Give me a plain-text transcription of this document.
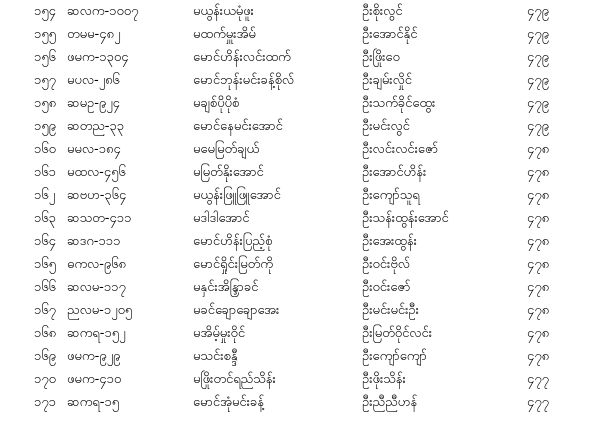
၁၅၄ ဆလက-၁၀၀၇	မယွန်းယမုံဖူး	ဦးစိုးလွင်	၄၇၉
၁၅၅ တမမ-၄၈၂	မထက်မှူးအိမ်	ဦးအောင်နိုင်	၄၇၉
၁၅၆ ဖမက-၁၃၀၄	မောင်ဟိန်းလင်းထက်	ဦးဖြိုးဝေ	၄၇၉
၁၅၇ မပလ-၂၈၆	မောင်ဘုန်းမင်းခန့်စိုလ်	ဦးချမ်းလှိုင်	၄၇၉
၁၅၈ ဆမဥ-၉၂၄	မချစ်ပိုပိုစံ	ဦးသက်ခိုင်ထွေး	၄၇၉
၁၅၉ ဆတည-၃၃	မောင်နေမင်းအောင်	ဦးမင်းလွင်	၄၇၉
၁၆၀ မမလ-၁၈၄	မမေမြတ်ချယ်	ဦးလင်းလင်းဇော်	၄၇၈
၁၆၁ မထလ-၄၅၆	မမြတ်နိုးအောင်	ဦးအောင်ဟိန်း	၄၇၈
၁၆၂ ဆဗဟ-၃၆၄	မယွန်းဖြူဖြူအောင်	ဦးကျော်သူရ	၄၇၈
၁၆၃ ဆသတ-၄၁၁	မဒါဒါအောင်	ဦးသန်းထွန်းအောင်	၄၇၈
၁၆၄ ဆဒဂ-၁၁၁	မောင်ဟိန်းပြည့်စုံ	ဦးအေးထွန်း	၄၇၈
၁၆၅ ဓကလ-၉၆၈	မောင်ရှိုင်းမြတ်ကို	ဦးဝင်းဗိုလ်	၄၇၈
၁၆၆ ဆလမ-၁၁၇	မနှင်းအိန္ဒြာခင်	ဦးဝင်းဇော်	၄၇၈
၁၆၇ ညလမ-၁၂၀၅	မခင်ချောချောအေး	ဦးမင်းမင်းဦး	၄၇၈
၁၆၈ ဆကရ-၁၅၂	မအိမ့်မှုးဝိုင်	ဦးမြတ်ဝိုင်လင်း	၄၇၈
၁၆၉ ဖမက-၉၂၉	မသင်းစန္ဒီ	ဦးကျော်ကျော်	၄၇၈
၁၇၀ ဖမက-၄၁၀	မဖြိုးတင်ရည်သိန်း	ဦးဖိုးသိန်း	၄၇၇
၁၇၁ ဆကရ-၁၅	မောင်အုံမင်းခန့်	ဦးညီညီဟန်	၄၇၇
